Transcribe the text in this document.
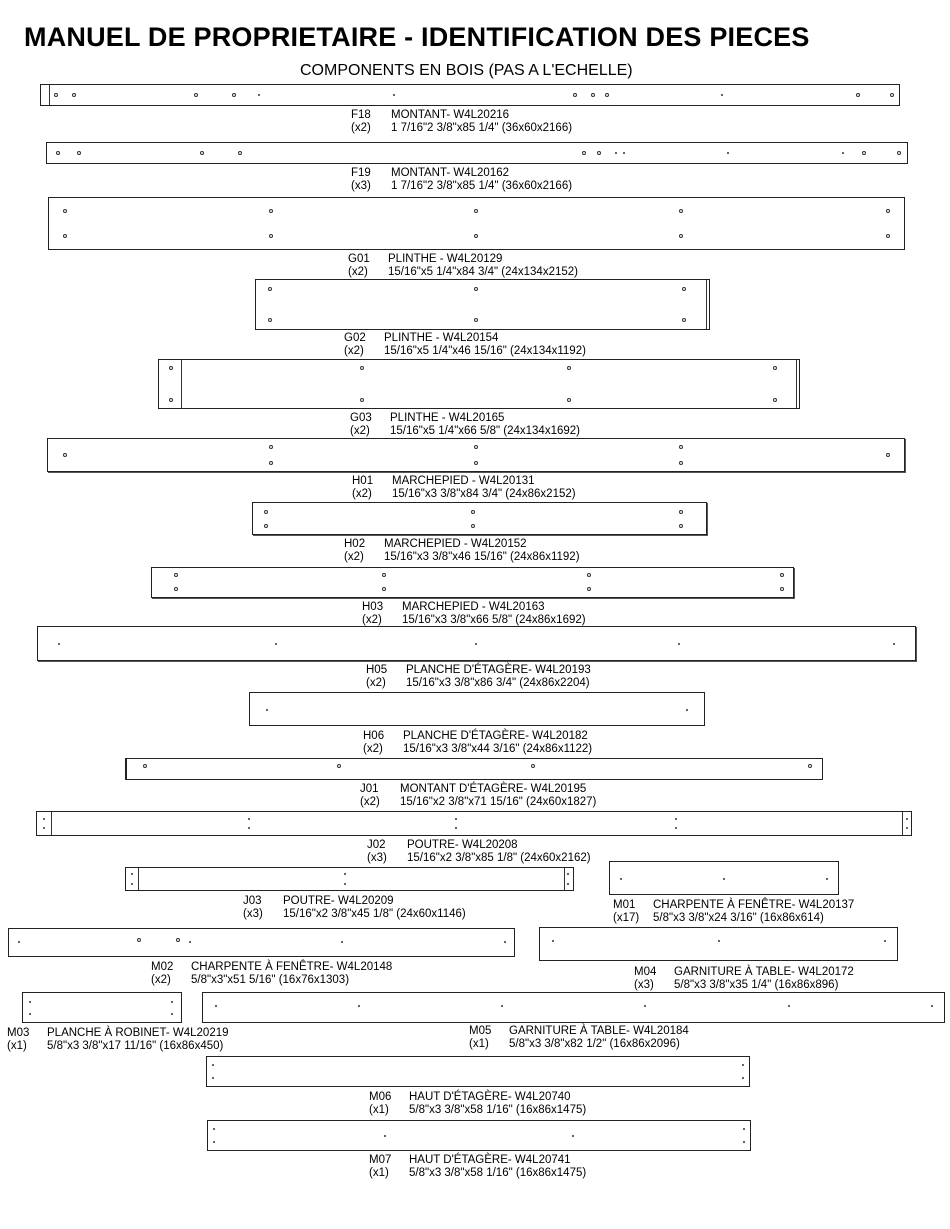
MANUEL DE PROPRIETAIRE - IDENTIFICATION DES PIECES
COMPONENTS EN BOIS (PAS A L'ECHELLE)
F18 MONTANT- W4L20216
(x2) 1 7/16"2 3/8"x85 1/4" (36x60x2166)
F19 MONTANT- W4L20162
(x3) 1 7/16"2 3/8"x85 1/4" (36x60x2166)
G01 PLINTHE - W4L20129
(x2) 15/16"x5 1/4"x84 3/4" (24x134x2152)
G02 PLINTHE - W4L20154
(x2) 15/16"x5 1/4"x46 15/16" (24x134x1192)
G03 PLINTHE - W4L20165
(x2) 15/16"x5 1/4"x66 5/8" (24x134x1692)
H01 MARCHEPIED - W4L20131
(x2) 15/16"x3 3/8"x84 3/4" (24x86x2152)
H02 MARCHEPIED - W4L20152
(x2) 15/16"x3 3/8"x46 15/16" (24x86x1192)
H03 MARCHEPIED - W4L20163
(x2) 15/16"x3 3/8"x66 5/8" (24x86x1692)
H05 PLANCHE D'ÉTAGÈRE- W4L20193
(x2) 15/16"x3 3/8"x86 3/4" (24x86x2204)
H06 PLANCHE D'ÉTAGÈRE- W4L20182
(x2) 15/16"x3 3/8"x44 3/16" (24x86x1122)
J01 MONTANT D'ÉTAGÈRE- W4L20195
(x2) 15/16"x2 3/8"x71 15/16" (24x60x1827)
J02 POUTRE- W4L20208
(x3) 15/16"x2 3/8"x85 1/8" (24x60x2162)
J03 POUTRE- W4L20209
(x3) 15/16"x2 3/8"x45 1/8" (24x60x1146)
M01 CHARPENTE À FENÊTRE- W4L20137
(x17) 5/8"x3 3/8"x24 3/16" (16x86x614)
M02 CHARPENTE À FENÊTRE- W4L20148
(x2) 5/8"x3"x51 5/16" (16x76x1303)
M04 GARNITURE À TABLE- W4L20172
(x3) 5/8"x3 3/8"x35 1/4" (16x86x896)
M03 PLANCHE À ROBINET- W4L20219
(x1) 5/8"x3 3/8"x17 11/16" (16x86x450)
M05 GARNITURE À TABLE- W4L20184
(x1) 5/8"x3 3/8"x82 1/2" (16x86x2096)
M06 HAUT D'ÉTAGÈRE- W4L20740
(x1) 5/8"x3 3/8"x58 1/16" (16x86x1475)
M07 HAUT D'ÉTAGÈRE- W4L20741
(x1) 5/8"x3 3/8"x58 1/16" (16x86x1475)
